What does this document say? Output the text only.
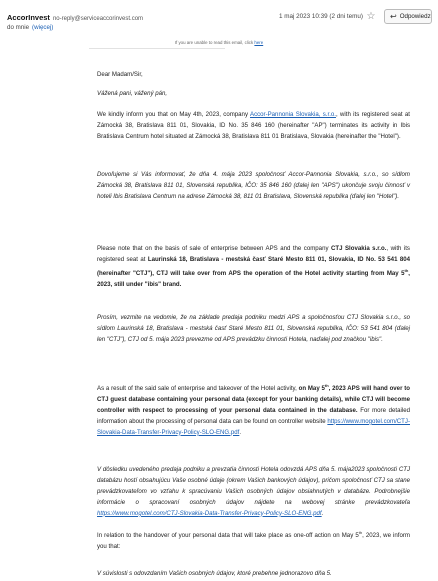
AccorInvest no-reply@serviceaccorinvest.com
do mnie (więcej)
1 maj 2023 10:39 (2 dni temu) ☆ ↩ Odpowiedz
If you are unable to read this email, click here

Dear Madam/Sir,

Vážená pani, vážený pán,

We kindly inform you that on May 4th, 2023, company Accor-Pannonia Slovakia, s.r.o., with its registered seat at Zámocká 38, Bratislava 811 01, Slovakia, ID No. 35 846 160 (hereinafter "AP") terminates its activity in Ibis Bratislava Centrum hotel situated at Zámocká 38, Bratislava 811 01 Bratislava, Slovakia (hereinafter the "Hotel").

Dovoľujeme si Vás informovať, že dňa 4. mája 2023 spoločnosť Accor-Pannonia Slovakia, s.r.o., so sídlom Zámocká 38, Bratislava 811 01, Slovenská republika, IČO: 35 846 160 (ďalej len "APS") ukončuje svoju činnosť v hoteli Ibis Bratislava Centrum na adrese Zámocká 38, 811 01 Bratislava, Slovenská republika (ďalej len "Hotel").

Please note that on the basis of sale of enterprise between APS and the company CTJ Slovakia s.r.o., with its registered seat at Laurinská 18, Bratislava - mestská časť Staré Mesto 811 01, Slovakia, ID No. 53 541 804 (hereinafter "CTJ"), CTJ will take over from APS the operation of the Hotel activity starting from May 5th, 2023, still under "ibis" brand.

Prosím, vezmite na vedomie, že na základe predaja podniku medzi APS a spoločnosťou CTJ Slovakia s.r.o., so sídlom Laurinská 18, Bratislava - mestská časť Staré Mesto 811 01, Slovenská republika, IČO: 53 541 804 (ďalej len "CTJ"), CTJ od 5. mája 2023 prevezme od APS prevádzku činnosti Hotela, naďalej pod značkou "ibis".

As a result of the said sale of enterprise and takeover of the Hotel activity, on May 5th, 2023 APS will hand over to CTJ guest database containing your personal data (except for your banking details), while CTJ will become controller with respect to processing of your personal data contained in the database. For more detailed information about the processing of personal data can be found on controller website https://www.mogotel.com/CTJ-Slovakia-Data-Transfer-Privacy-Policy-SLO-ENG.pdf.

V dôsledku uvedeného predaja podniku a prevzatia činnosti Hotela odovzdá APS dňa 5. mája2023 spoločnosti CTJ databázu hostí obsahujúcu Vaše osobné údaje (okrem Vašich bankových údajov), pričom spoločnosť CTJ sa stane prevádzkovateľom vo vzťahu k spracúvaniu Vašich osobných údajov obsiahnutých v databáze. Podrobnejšie informácie o spracovaní osobných údajov nájdete na webovej stránke prevádzkovateľa https://www.mogotel.com/CTJ-Slovakia-Data-Transfer-Privacy-Policy-SLO-ENG.pdf.

In relation to the handover of your personal data that will take place as one-off action on May 5th, 2023, we inform you that:

V súvislosti s odovzdaním Vašich osobných údajov, ktoré prebehne jednorazovo dňa 5.
